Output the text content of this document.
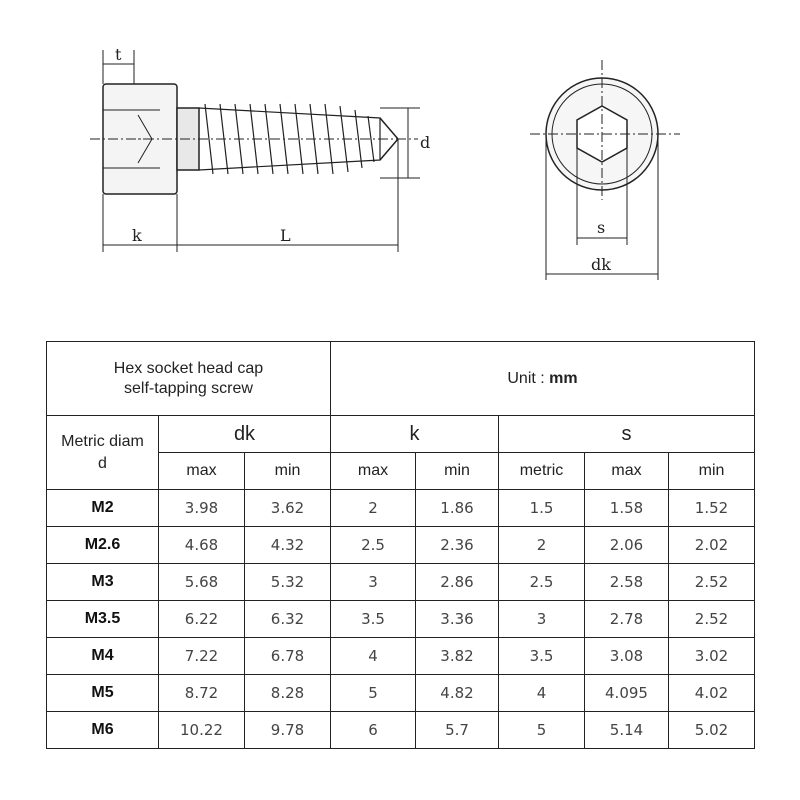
t
d
k	L	s
dk
Hex socket head cap
self-tapping screw			Unit : mm				

Metric diam
d	dk		k		s		
	max	min	max	min	metric	max	min
M2	3.98	3.62	2	1.86	1.5	1.58	1.52
M2.6	4.68	4.32	2.5	2.36	2	2.06	2.02
M3	5.68	5.32	3	2.86	2.5	2.58	2.52
M3.5	6.22	6.32	3.5	3.36	3	2.78	2.52
M4	7.22	6.78	4	3.82	3.5	3.08	3.02
M5	8.72	8.28	5	4.82	4	4.095	4.02
M6	10.22	9.78	6	5.7	5	5.14	5.02
